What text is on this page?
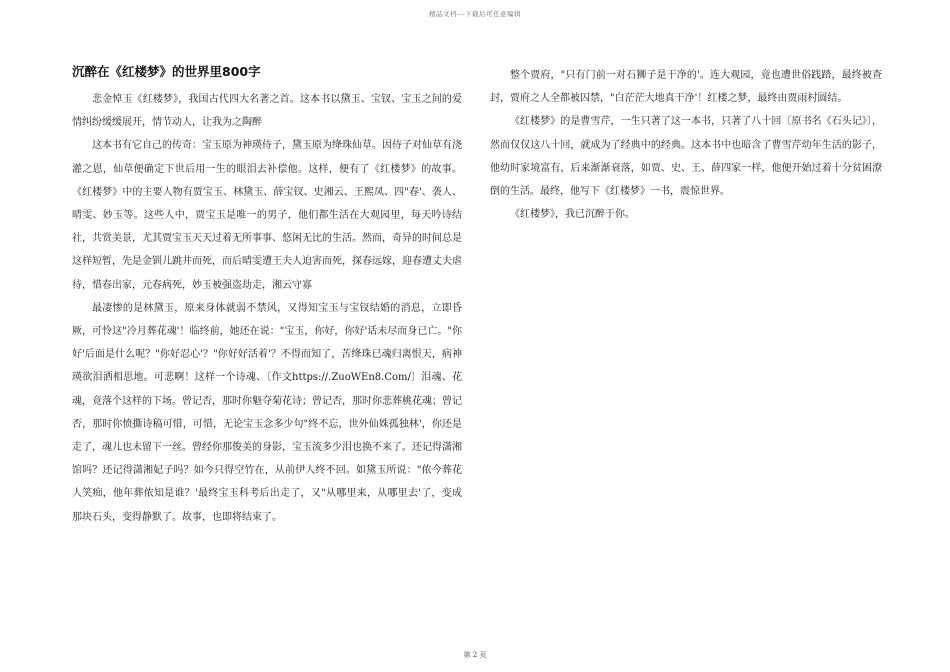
精品文档---下载后可任意编辑
沉醉在《红楼梦》的世界里800字

悲金悼玉《红楼梦》，我国古代四大名著之首。这本书以黛玉、宝钗、宝玉之间的爱情纠纷缓缓展开，情节动人，让我为之陶醉

这本书有它自己的传奇：宝玉原为神瑛侍子，黛玉原为绛珠仙草。因侍子对仙草有浇灌之恩，仙草便确定下世后用一生的眼泪去补偿他。这样，便有了《红楼梦》的故事。《红楼梦》中的主要人物有贾宝玉、林黛玉、薛宝钗、史湘云、王熙凤、四"春'、袭人、晴雯、妙玉等。这些人中，贾宝玉是唯一的男子，他们都生活在大观园里，每天吟诗结社，共赏美景，尤其贾宝玉天天过着无所事事、悠闲无比的生活。然而，奇异的时间总是这样短暂，先是金钏儿跳井而死，而后晴雯遭王夫人迫害而死，探春远嫁，迎春遭丈夫虐待，惜春出家，元春病死，妙玉被强盗劫走，湘云守寡

最凄惨的是林黛玉，原来身体就弱不禁风，又得知宝玉与宝钗结婚的消息，立即昏厥，可怜这"冷月葬花魂'！临终前，她还在说："宝玉，你好，你好'话未尽而身已亡。"你好'后面是什么呢？"你好忍心'？"你好好活着'？不得而知了，苦绛珠已魂归离恨天，病神瑛欲泪洒相思地。可悲啊！这样一个诗魂、〔作文https://.ZuoWEn8.Com/〕泪魂、花魂，竟落个这样的下场。曾记否，那时你魁夺菊花诗；曾记否，那时你悲葬桃花魂；曾记否，那时你愤撕诗稿可惜，可惜，无论宝玉念多少句"终不忘，世外仙姝孤独林'，你还是走了，魂儿也未留下一丝。曾经你那俊美的身影，宝玉流多少泪也换不来了。还记得潇湘馆吗？还记得潇湘妃子吗？如今只得空竹在，从前伊人终不回。如黛玉所说："侬今葬花人笑痴，他年葬侬知是谁？'最终宝玉科考后出走了，又"从哪里来，从哪里去'了，变成那块石头，变得静默了。故事，也即将结束了。

整个贾府，"只有门前一对石狮子是干净的'。连大观园，竟也遭世俗践踏，最终被查封，贾府之人全都被囚禁，"白茫茫大地真干净'！红楼之梦，最终由贾雨村圆结。

《红楼梦》的是曹雪芹，一生只著了这一本书，只著了八十回〔原书名《石头记》〕，然而仅仅这八十回，就成为了经典中的经典。这本书中也暗含了曹雪芹幼年生活的影子，他幼时家境富有，后来渐渐衰落，如贾、史、王、薛四家一样，他便开始过着十分贫困潦倒的生活。最终，他写下《红楼梦》一书，震惊世界。

《红楼梦》，我已沉醉于你。

第 2 页
